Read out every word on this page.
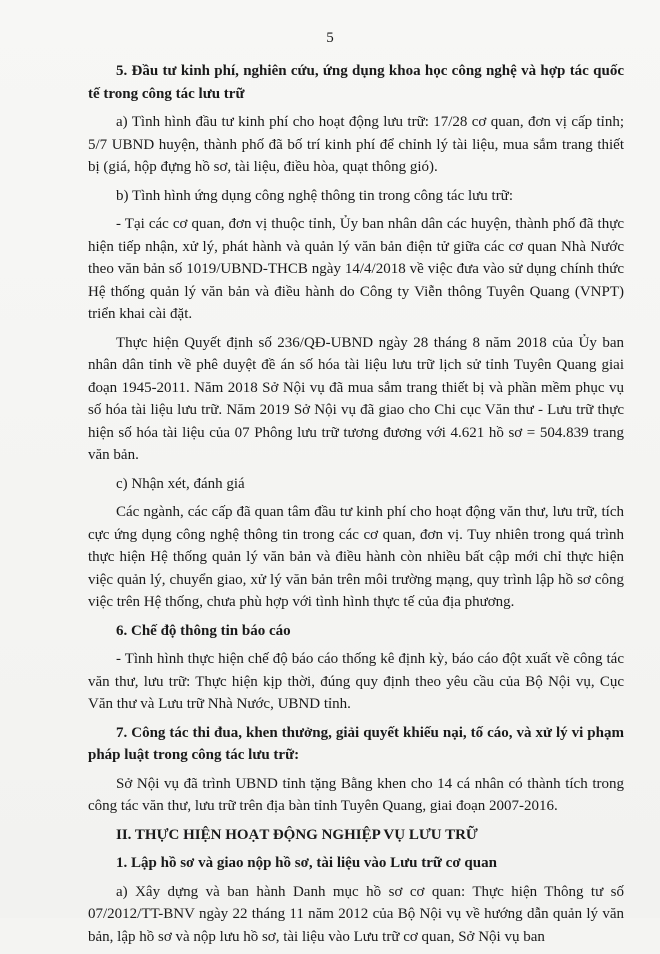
5

5. Đầu tư kinh phí, nghiên cứu, ứng dụng khoa học công nghệ và hợp tác quốc tế trong công tác lưu trữ

a) Tình hình đầu tư kinh phí cho hoạt động lưu trữ: 17/28 cơ quan, đơn vị cấp tỉnh; 5/7 UBND huyện, thành phố đã bố trí kinh phí để chỉnh lý tài liệu, mua sắm trang thiết bị (giá, hộp đựng hồ sơ, tài liệu, điều hòa, quạt thông gió).

b) Tình hình ứng dụng công nghệ thông tin trong công tác lưu trữ:

- Tại các cơ quan, đơn vị thuộc tỉnh, Ủy ban nhân dân các huyện, thành phố đã thực hiện tiếp nhận, xử lý, phát hành và quản lý văn bản điện tử giữa các cơ quan Nhà Nước theo văn bản số 1019/UBND-THCB ngày 14/4/2018 về việc đưa vào sử dụng chính thức Hệ thống quản lý văn bản và điều hành do Công ty Viễn thông Tuyên Quang (VNPT) triển khai cài đặt.

Thực hiện Quyết định số 236/QĐ-UBND ngày 28 tháng 8 năm 2018 của Ủy ban nhân dân tỉnh về phê duyệt đề án số hóa tài liệu lưu trữ lịch sử tỉnh Tuyên Quang giai đoạn 1945-2011. Năm 2018 Sở Nội vụ đã mua sắm trang thiết bị và phần mềm phục vụ số hóa tài liệu lưu trữ. Năm 2019 Sở Nội vụ đã giao cho Chi cục Văn thư - Lưu trữ thực hiện số hóa tài liệu của 07 Phông lưu trữ tương đương với 4.621 hồ sơ = 504.839 trang văn bản.

c) Nhận xét, đánh giá

Các ngành, các cấp đã quan tâm đầu tư kinh phí cho hoạt động văn thư, lưu trữ, tích cực ứng dụng công nghệ thông tin trong các cơ quan, đơn vị. Tuy nhiên trong quá trình thực hiện Hệ thống quản lý văn bản và điều hành còn nhiều bất cập mới chỉ thực hiện việc quản lý, chuyển giao, xử lý văn bản trên môi trường mạng, quy trình lập hồ sơ công việc trên Hệ thống, chưa phù hợp với tình hình thực tế của địa phương.

6. Chế độ thông tin báo cáo

- Tình hình thực hiện chế độ báo cáo thống kê định kỳ, báo cáo đột xuất về công tác văn thư, lưu trữ: Thực hiện kịp thời, đúng quy định theo yêu cầu của Bộ Nội vụ, Cục Văn thư và Lưu trữ Nhà Nước, UBND tỉnh.

7. Công tác thi đua, khen thưởng, giải quyết khiếu nại, tố cáo, và xử lý vi phạm pháp luật trong công tác lưu trữ:

Sở Nội vụ đã trình UBND tỉnh tặng Bằng khen cho 14 cá nhân có thành tích trong công tác văn thư, lưu trữ trên địa bàn tỉnh Tuyên Quang, giai đoạn 2007-2016.

II. THỰC HIỆN HOẠT ĐỘNG NGHIỆP VỤ LƯU TRỮ

1. Lập hồ sơ và giao nộp hồ sơ, tài liệu vào Lưu trữ cơ quan

a) Xây dựng và ban hành Danh mục hồ sơ cơ quan: Thực hiện Thông tư số 07/2012/TT-BNV ngày 22 tháng 11 năm 2012 của Bộ Nội vụ về hướng dẫn quản lý văn bản, lập hồ sơ và nộp lưu hồ sơ, tài liệu vào Lưu trữ cơ quan, Sở Nội vụ ban
